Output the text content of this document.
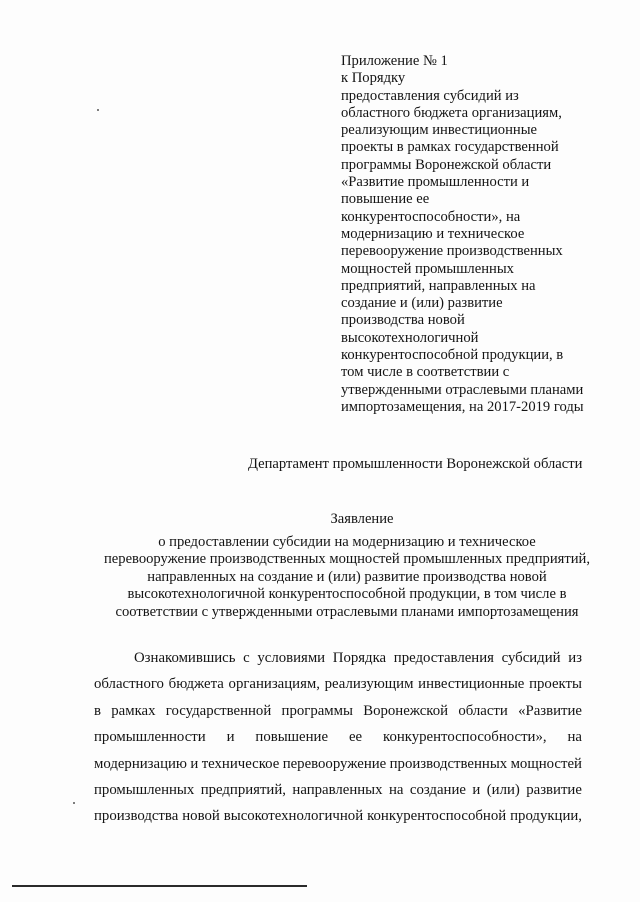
Приложение № 1
к Порядку
предоставления субсидий из
областного бюджета организациям,
реализующим инвестиционные
проекты в рамках государственной
программы Воронежской области
«Развитие промышленности и
повышение ее
конкурентоспособности», на
модернизацию и техническое
перевооружение производственных
мощностей промышленных
предприятий, направленных на
создание и (или) развитие
производства новой
высокотехнологичной
конкурентоспособной продукции, в
том числе в соответствии с
утвержденными отраслевыми планами
импортозамещения, на 2017-2019 годы
Департамент промышленности Воронежской области
Заявление
о предоставлении субсидии на модернизацию и техническое
перевооружение производственных мощностей промышленных предприятий,
направленных на создание и (или) развитие производства новой
высокотехнологичной конкурентоспособной продукции, в том числе в
соответствии с утвержденными отраслевыми планами импортозамещения
Ознакомившись с условиями Порядка предоставления субсидий из
областного бюджета организациям, реализующим инвестиционные проекты
в рамках государственной программы Воронежской области «Развитие
промышленности и повышение ее конкурентоспособности», на
модернизацию и техническое перевооружение производственных мощностей
промышленных предприятий, направленных на создание и (или) развитие
производства новой высокотехнологичной конкурентоспособной продукции,
